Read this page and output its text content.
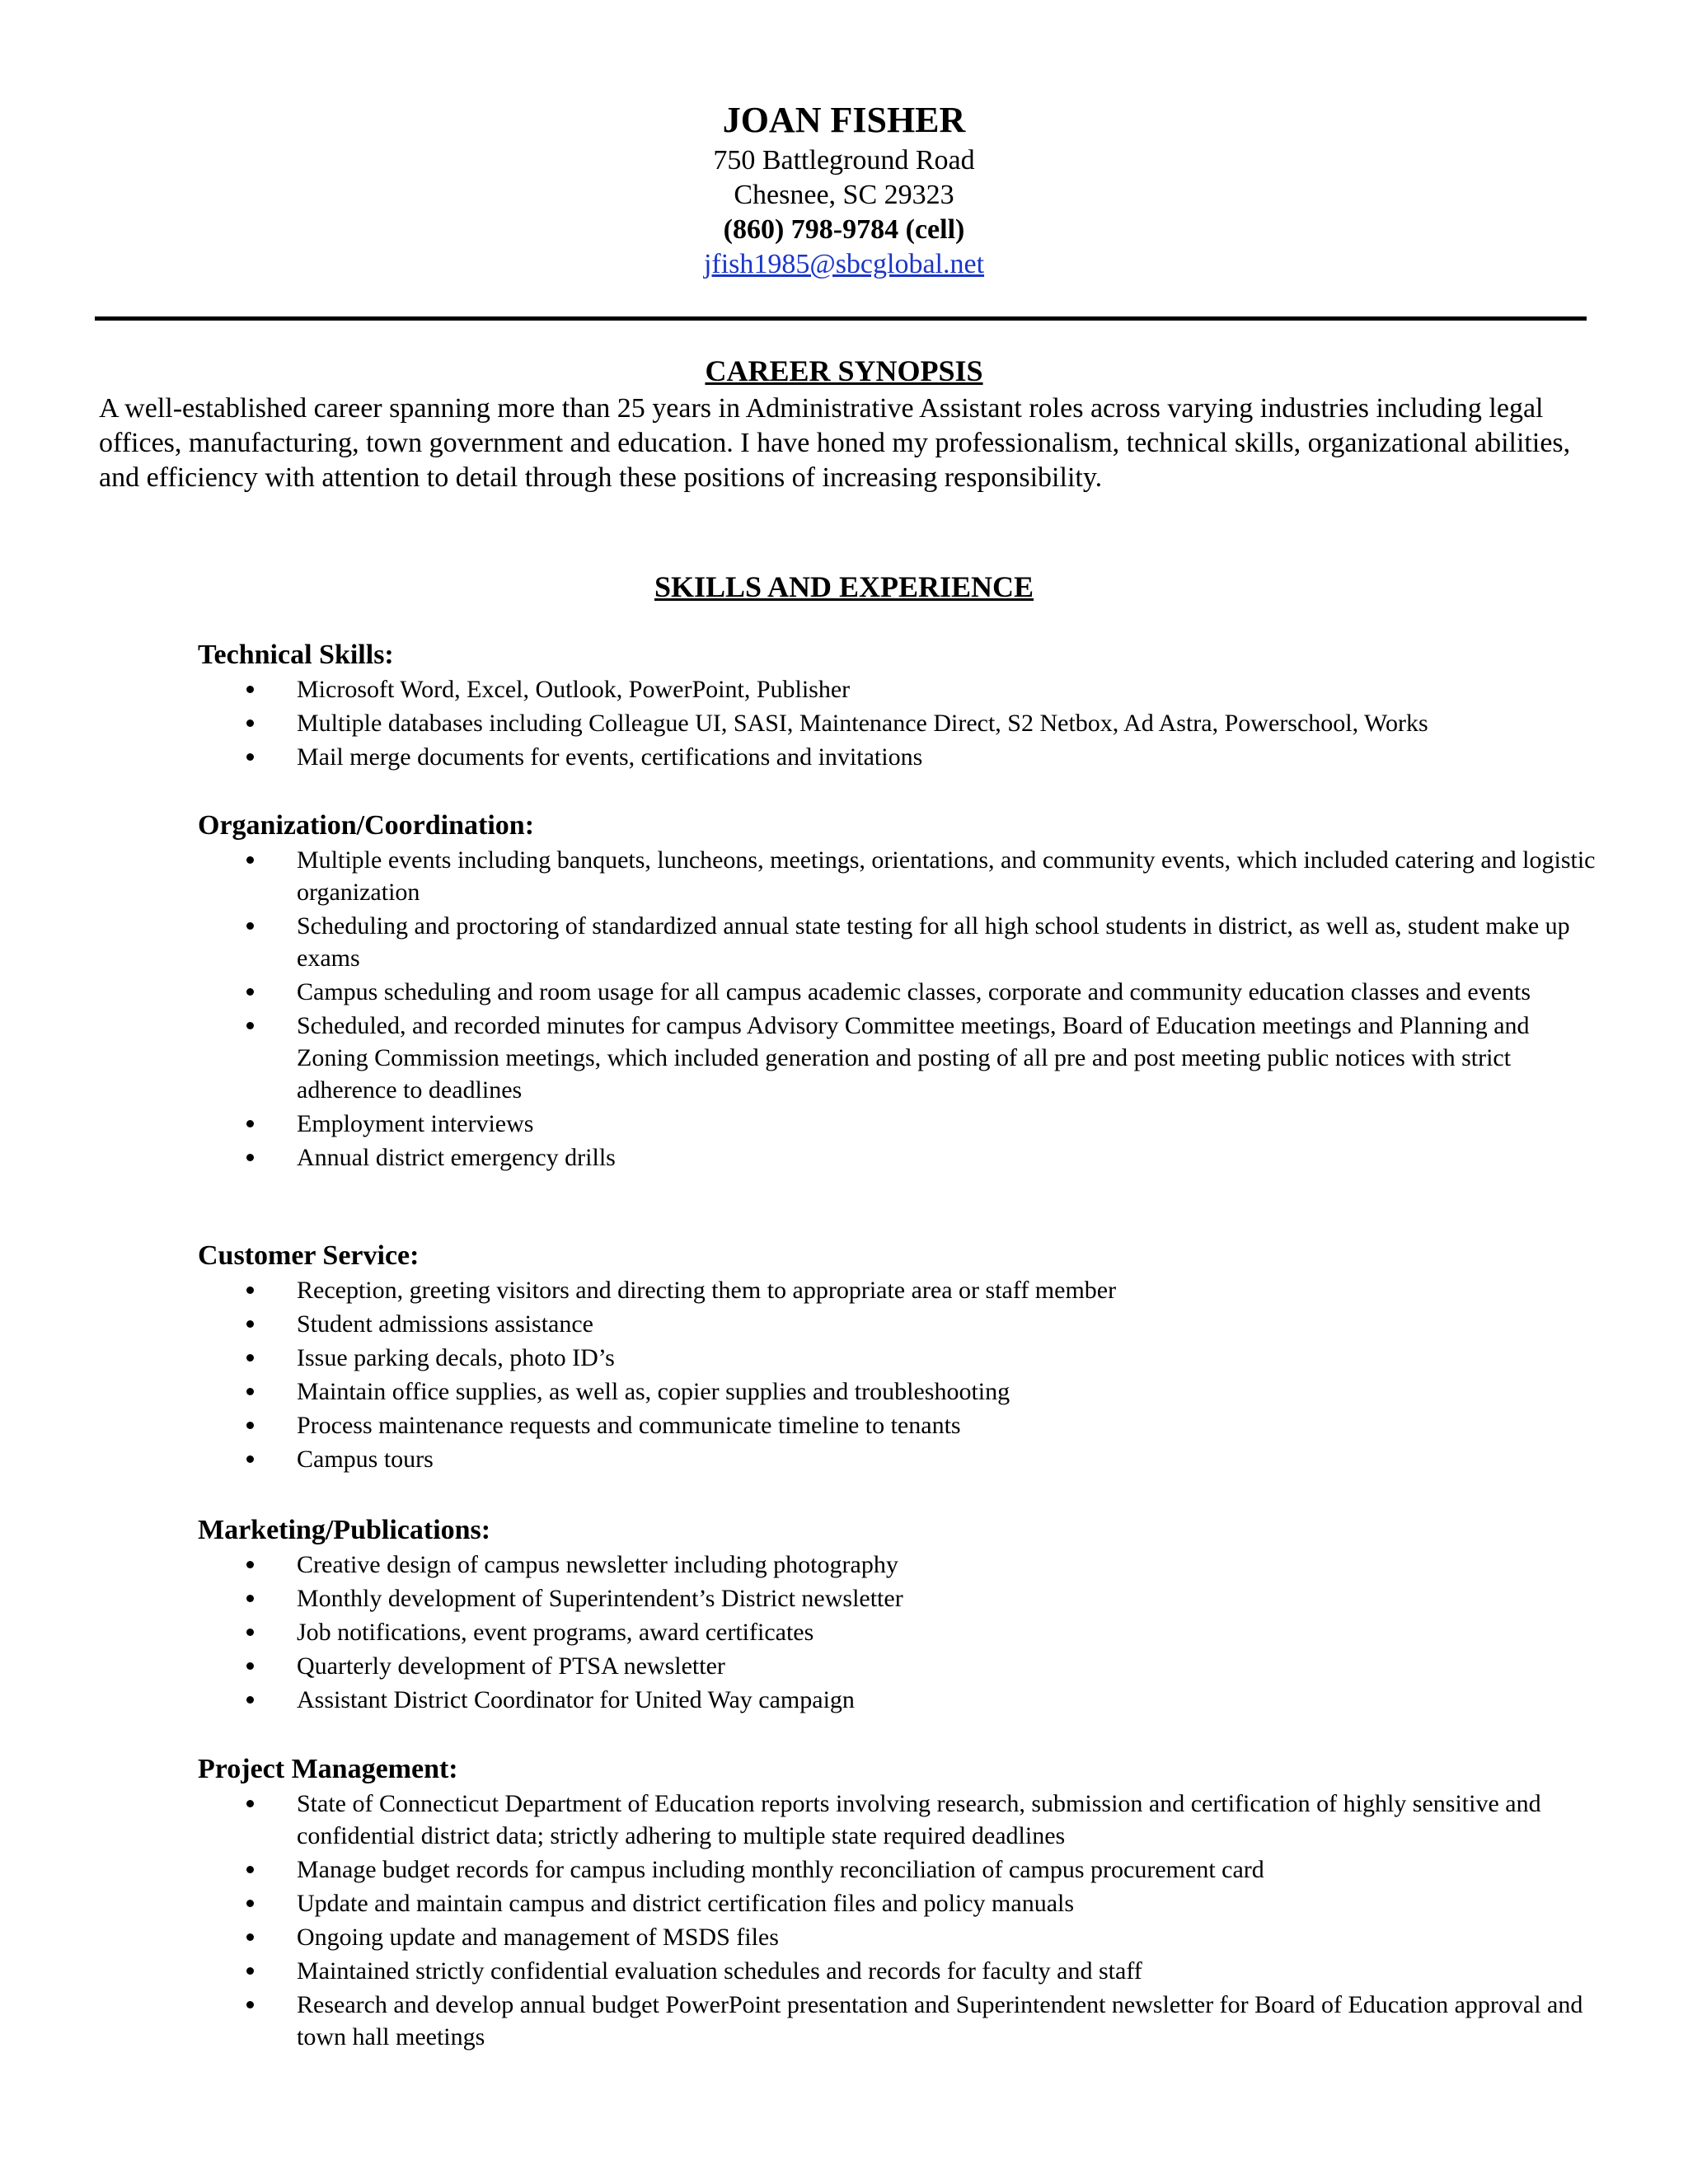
JOAN FISHER

750 Battleground Road

Chesnee, SC 29323

(860) 798-9784 (cell)

jfish1985@sbcglobal.net

CAREER SYNOPSIS

A well-established career spanning more than 25 years in Administrative Assistant roles across varying industries including legal offices, manufacturing, town government and education. I have honed my professionalism, technical skills, organizational abilities, and efficiency with attention to detail through these positions of increasing responsibility.

SKILLS AND EXPERIENCE

Technical Skills:

Microsoft Word, Excel, Outlook, PowerPoint, Publisher
Multiple databases including Colleague UI, SASI, Maintenance Direct, S2 Netbox, Ad Astra, Powerschool, Works
Mail merge documents for events, certifications and invitations

Organization/Coordination:

Multiple events including banquets, luncheons, meetings, orientations, and community events, which included catering and logistic organization
Scheduling and proctoring of standardized annual state testing for all high school students in district, as well as, student make up exams
Campus scheduling and room usage for all campus academic classes, corporate and community education classes and events
Scheduled, and recorded minutes for campus Advisory Committee meetings, Board of Education meetings and Planning and Zoning Commission meetings, which included generation and posting of all pre and post meeting public notices with strict adherence to deadlines
Employment interviews
Annual district emergency drills

Customer Service:

Reception, greeting visitors and directing them to appropriate area or staff member
Student admissions assistance
Issue parking decals, photo ID’s
Maintain office supplies, as well as, copier supplies and troubleshooting
Process maintenance requests and communicate timeline to tenants
Campus tours

Marketing/Publications:

Creative design of campus newsletter including photography
Monthly development of Superintendent’s District newsletter
Job notifications, event programs, award certificates
Quarterly development of PTSA newsletter
Assistant District Coordinator for United Way campaign

Project Management:

State of Connecticut Department of Education reports involving research, submission and certification of highly sensitive and confidential district data; strictly adhering to multiple state required deadlines
Manage budget records for campus including monthly reconciliation of campus procurement card
Update and maintain campus and district certification files and policy manuals
Ongoing update and management of MSDS files
Maintained strictly confidential evaluation schedules and records for faculty and staff
Research and develop annual budget PowerPoint presentation and Superintendent newsletter for Board of Education approval and town hall meetings
